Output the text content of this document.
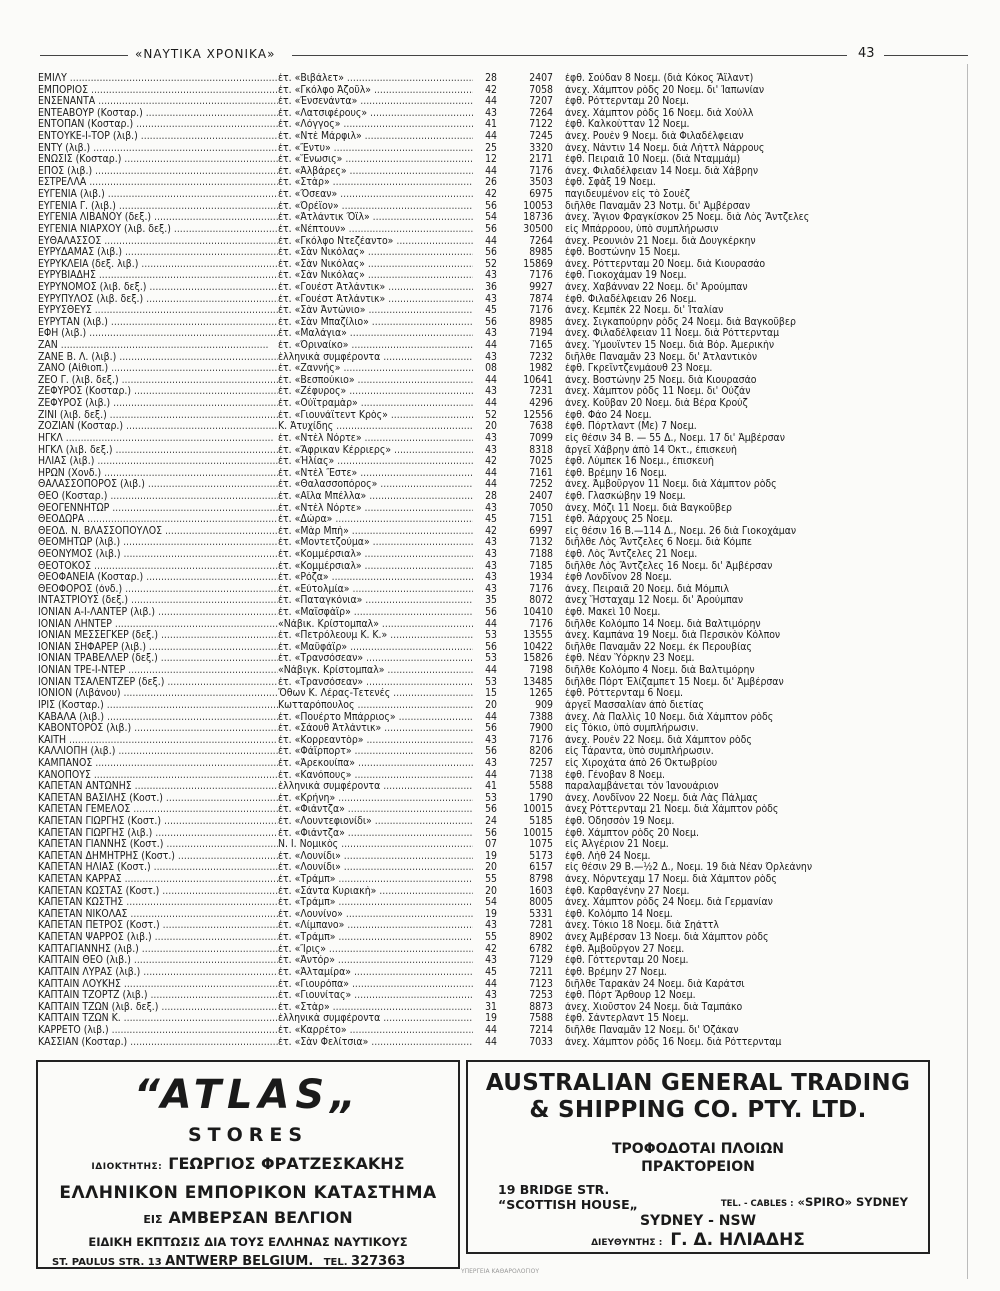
«ΝΑΥΤΙΚΑ ΧΡΟΝΙΚΑ»	43
ΕΜΙΛΥ .....	ἐτ. «Βιβάλετ» .....	28	2407 ἐφθ. Σούδαν 8 Νοεμ. (διὰ Κόκος Ἄϊλαντ)
ΕΜΠΟΡΙΟΣ .....	ἐτ. «Γκόλφο Ἀζοῦλ» .....	42	7058 ἀνεχ. Χάμπτον ρὸδς 20 Νοεμ. δι' Ἰαπωνίαν
ΕΝΣΕΝΑΝΤΑ .....	ἐτ. «Ἐνσενάντα» .....	44	7207 ἐφθ. Ρόττερνταμ 20 Νοεμ.
ΕΝΤΕΑΒΟΥΡ (Κοσταρ.) .....	ἐτ. «Λατσιφέρους» .....	43	7264 ἀνεχ. Χάμπτον ρὸδς 16 Νοεμ. διὰ Χοὐλλ
ΕΝΤΟΠΑΝ (Κοσταρ.) .....	ἐτ. «Λόγγος» .....	41	7122 ἐφθ. Καλκοὺτταν 12 Νοεμ.
ΕΝΤΟΥΚΕ-Ι-ΤΟΡ (λιβ.) .....	ἐτ. «Ντὲ Μάρφιλ» .....	44	7245 ἀνεχ. Ρουὲν 9 Νοεμ. διὰ Φιλαδέλφειαν
ΕΝΤΥ (λιβ.) .....	ἐτ. «Ἔντυ» .....	25	3320 ἀνεχ. Νάντιν 14 Νοεμ. διὰ Λὴττλ Νάρρους
ΕΝΩΣΙΣ (Κοσταρ.) .....	ἐτ. «Ἕνωσις» .....	12	2171 ἐφθ. Πειραιᾶ 10 Νοεμ. (διὰ Νταμμάμ)
ΕΠΟΣ (λιβ.) .....	ἐτ. «Ἀλβάρες» .....	44	7176 ἀνεχ. Φιλαδέλφειαν 14 Νοεμ. διὰ Χάβρην
ΕΣΤΡΕΛΛΑ .....	ἐτ. «Στὰρ» .....	26	3503 ἐφθ. Σφὰξ 19 Νοεμ.
ΕΥΓΕΝΙΑ (λιβ.) .....	ἐτ. «Ὄσεαν» .....	42	6975 παγιδευμένον εἰς τὸ Σουὲζ
ΕΥΓΕΝΙΑ Γ. (λιβ.) .....	ἐτ. «Ὀρέϊον» .....	56	10053 διῆλθε Παναμᾶν 23 Νοτμ. δι' Ἀμβέρσαν
ΕΥΓΕΝΙΑ ΛΙΒΑΝΟΥ (δεξ.) .....	ἐτ. «Ἀτλάντικ Ὄϊλ» .....	54	18736 ἀνεχ. Ἅγιον Φραγκίσκον 25 Νοεμ. διὰ Λὸς Ἄντζελες
ΕΥΓΕΝΙΑ ΝΙΑΡΧΟΥ (λιβ. δεξ.) .....	ἐτ. «Νέπτουν» .....	56	30500 εἰς Μπάρροου, ὑπὸ συμπλήρωσιν
ΕΥΘΑΛΑΣΣΟΣ .....	ἐτ. «Γκόλφο Ντεζέαντο» .....	44	7264 ἀνεχ. Ρεουνιὸν 21 Νοεμ. διὰ Δουγκέρκην
ΕΥΡΥΔΑΜΑΣ (λιβ.) .....	ἐτ. «Σὰν Νικόλας» .....	56	8985 ἐφθ. Βοστώνην 15 Νοεμ.
ΕΥΡΥΚΛΕΙΑ (δεξ. λιβ.) .....	ἐτ. «Σὰν Νικόλας» .....	52	15869 ἀνεχ. Ρόττερνταμ 20 Νοεμ. διὰ Κιουρασάο
ΕΥΡΥΒΙΑΔΗΣ .....	ἐτ. «Σὰν Νικόλας» .....	43	7176 ἐφθ. Γιοκοχάμαν 19 Νοεμ.
ΕΥΡΥΝΟΜΟΣ (λιβ. δεξ.) .....	ἐτ. «Γουέστ Ἀτλάντικ» .....	36	9927 ἀνεχ. Χαβάνναν 22 Νοεμ. δι' Ἀρούμπαν
ΕΥΡΥΠΥΛΟΣ (λιβ. δεξ.) .....	ἐτ. «Γουέστ Ἀτλάντικ» .....	43	7874 ἐφθ. Φιλαδέλφειαν 26 Νοεμ.
ΕΥΡΥΣΘΕΥΣ .....	ἐτ. «Σὰν Ἀντώνιο» .....	45	7176 ἀνεχ. Κεμπὲκ 22 Νοεμ. δι' Ἰταλίαν
ΕΥΡΥΤΑΝ (λιβ.) .....	ἐτ. «Σὰν Μπαζίλιο» .....	56	8985 ἀνεχ. Σιγκαπούρην ρὸδς 24 Νοεμ. διὰ Βαγκοῦβερ
ΕΦΗ (λιβ.) .....	ἐτ. «Μαλάγια» .....	43	7194 ἀνεχ. Φιλαδέλφειαν 11 Νοεμ. διὰ Ρόττερνταμ
ΖΑΝ .....	ἐτ. «Ὀριναίκο» .....	44	7165 ἀνεχ. Ὑμουΐντεν 15 Νοεμ. διὰ Βόρ. Ἀμερικὴν
ΖΑΝΕ Β. Λ. (λιβ.) .....	ἑλληνικὰ συμφέροντα .....	43	7232 διῆλθε Παναμᾶν 23 Νοεμ. δι' Ἀτλαντικὸν
ΖΑΝΟ (Αἰθιοπ.) .....	ἐτ. «Ζαννής» .....	08	1982 ἐφθ. Γκρεϊντζενμάουθ 23 Νοεμ.
ΖΕΟ Γ. (λιβ. δεξ.) .....	ἐτ. «Βεσπούκιο» .....	44	10641 ἀνεχ. Βοστώνην 25 Νοεμ. διὰ Κιουρασάο
ΖΕΦΥΡΟΣ (Κοσταρ.) .....	ἐτ. «Ζέφυρος» .....	43	7231 ἀνεχ. Χάμπτον ρὸδς 11 Νοεμ. δι' Οὐζάν
ΖΕΦΥΡΟΣ (λιβ.) .....	ἐτ. «Οὐϊτραμὰρ» .....	44	4296 ἀνεχ. Κοῦβαν 20 Νοεμ. διὰ Βέρα Κρούζ
ΖΙΝΙ (λιβ. δεξ.) .....	ἐτ. «Γιουνάϊτεντ Κρὸς» .....	52	12556 ἐφθ. Φάο 24 Νοεμ.
ΖΟΖΙΑΝ (Κοσταρ.) .....	Κ. Ἀτυχίδης .....	20	7638 ἐφθ. Πόρτλαντ (Με) 7 Νοεμ.
ΗΓΚΛ .....	ἐτ. «Ντὲλ Νόρτε» .....	43	7099 εἰς θέσιν 34 Β. — 55 Δ., Νοεμ. 17 δι' Ἀμβέρσαν
ΗΓΚΛ (λιβ. δεξ.) .....	ἐτ. «Ἄφρικαν Κέρριερς» .....	43	8318 ἄργεῖ Χάβρην ἀπὸ 14 Ὀκτ., ἐπισκευὴ
ΗΛΙΑΣ (λιβ.) .....	ἐτ. «Ἠλίας» .....	42	7025 ἐφθ. Λύμπεκ 16 Νοεμ., ἐπισκευὴ
ΗΡΩΝ (Χονδ.) .....	ἐτ. «Ντὲλ Ἔστε» .....	44	7161 ἐφθ. Βρέμην 16 Νοεμ.
ΘΑΛΑΣΣΟΠΟΡΟΣ (λιβ.) .....	ἐτ. «Θαλασσοπόρος» .....	44	7252 ἀνεχ. Ἀμβοῦργον 11 Νοεμ. διὰ Χάμπτον ρὸδς
ΘΕΟ (Κοσταρ.) .....	ἐτ. «Αἴλα Μπέλλα» .....	28	2407 ἐφθ. Γλασκώβην 19 Νοεμ.
ΘΕΟΓΕΝΝΗΤΩΡ .....	ἐτ. «Ντὲλ Νόρτε» .....	43	7050 ἀνεχ. Μόζι 11 Νοεμ. διὰ Βαγκοῦβερ
ΘΕΟΔΩΡΑ .....	ἐτ. «Δώρα» .....	45	7151 ἐφθ. Ἀάρχους 25 Νοεμ.
ΘΕΟΔ. Ν. ΒΛΑΣΣΟΠΟΥΛΟΣ .....	ἐτ. «Μὰρ Μπὴ» .....	42	6997 εἰς θέσιν 16 Β.—114 Δ., Νοεμ. 26 διὰ Γιοκοχάμαν
ΘΕΟΜΗΤΩΡ (λιβ.) .....	ἐτ. «Μοντετζούμα» .....	43	7132 διῆλθε Λὸς Ἄντζελες 6 Νοεμ. διὰ Κόμπε
ΘΕΟΝΥΜΟΣ (λιβ.) .....	ἐτ. «Κομμέρσιαλ» .....	43	7188 ἐφθ. Λὸς Ἄντζελες 21 Νοεμ.
ΘΕΟΤΟΚΟΣ .....	ἐτ. «Κομμέρσιαλ» .....	43	7185 διῆλθε Λὸς Ἄντζελες 16 Νοεμ. δι' Ἀμβέρσαν
ΘΕΟΦΑΝΕΙΑ (Κοσταρ.) .....	ἐτ. «Ρόζα» .....	43	1934 ἐφθ Λονδῖνον 28 Νοεμ.
ΘΕΟΦΟΡΟΣ (ὀνδ.) .....	ἐτ. «Εὐτολμία» .....	43	7176 ἀνεχ. Πειραιᾶ 20 Νοεμ. διὰ Μόμπιλ
ΙΝΤΑΣΤΡΙΟΥΣ (δεξ.) .....	ἐτ. «Παταγκόνια» .....	35	8072 ἀνεχ Ἥσταχαμ 12 Νοεμ. δι' Ἀρούμπαν
ΙΟΝΙΑΝ Α-Ι-ΛΑΝΤΕΡ (λιβ.) .....	ἐτ. «Μαϊσφὰϊρ» .....	56	10410 ἐφθ. Μακεὶ 10 Νοεμ.
ΙΟΝΙΑΝ ΛΗΝΤΕΡ .....	«Νάβικ. Κρίστομπαλ» .....	44	7176 διῆλθε Κολόμπο 14 Νοεμ. διὰ Βαλτιμόρην
ΙΟΝΙΑΝ ΜΕΣΣΕΓΚΕΡ (δεξ.) .....	ἐτ. «Πετρόλεουμ Κ. Κ.» .....	53	13555 ἀνεχ. Καμπάνα 19 Νοεμ. διὰ Περσικὸν Κόλπον
ΙΟΝΙΑΝ ΣΗΦΑΡΕΡ (λιβ.) .....	ἐτ. «Μαϋφάϊρ» .....	56	10422 διῆλθε Παναμᾶν 22 Νοεμ. ἐκ Περουβίας
ΙΟΝΙΑΝ ΤΡΑΒΕΛΛΕΡ (δεξ.) .....	ἐτ. «Τρανσόσεαν» .....	53	15826 ἐφθ. Νέαν Ὑόρκην 23 Νοεμ.
ΙΟΝΙΑΝ ΤΡΕ-Ι-ΝΤΕΡ .....	«Νάβιγκ. Κρίστομπαλ» .....	44	7198 διῆλθε Κολόμπο 4 Νοεμ. διὰ Βαλτιμόρην
ΙΟΝΙΑΝ ΤΣΑΛΕΝΤΖΕΡ (δεξ.) .....	ἐτ. «Τρανσόσεαν» .....	53	13485 διῆλθε Πόρτ Ἐλίζαμπετ 15 Νοεμ. δι' Ἀμβέρσαν
ΙΟΝΙΟΝ (Λιβάνου) .....	Ὄθων Κ. Λέρας-Τετενές .....	15	1265 ἐφθ. Ρόττερνταμ 6 Νοεμ.
ΙΡΙΣ (Κοσταρ.) .....	Κωτταρόπουλος .....	20	909 ἀργεῖ Μασσαλίαν ἀπὸ διετίας
ΚΑΒΑΛΑ (λιβ.) .....	ἐτ. «Πουέρτο Μπάρριος» .....	44	7388 ἀνεχ. Λὰ Παλλὶς 10 Νοεμ. διὰ Χάμπτον ρὸδς
ΚΑΒΟΝΤΟΡΟΣ (λιβ.) .....	ἐτ. «Σάουθ Ἀτλάντικ» .....	56	7900 εἰς Τόκιο, ὑπὸ συμπλήρωσιν.
ΚΑΙΤΗ .....	ἐτ. «Κορρεαντὸρ» .....	43	7176 ἀνεχ. Ρουὲν 22 Νοεμ. διὰ Χάμπτον ρὸδς
ΚΑΛΛΙΟΠΗ (λιβ.) .....	ἐτ. «Φάϊρπορτ» .....	56	8206 εἰς Τάραντα, ὑπὸ συμπλήρωσιν.
ΚΑΜΠΑΝΟΣ .....	ἐτ. «Ἀρεκουίπα» .....	43	7257 εἰς Χιροχάτα ἀπὸ 26 Ὀκτωβρίου
ΚΑΝΟΠΟΥΣ .....	ἐτ. «Κανόπους» .....	44	7138 ἐφθ. Γένοβαν 8 Νοεμ.
ΚΑΠΕΤΑΝ ΑΝΤΩΝΗΣ .....	ἑλληνικὰ συμφέροντα .....	41	5588 παραλαμβάνεται τὸν Ἰανουάριον
ΚΑΠΕΤΑΝ ΒΑΣΙΛΗΣ (Κοστ.) .....	ἐτ. «Κρήνη» .....	53	1790 ἀνεχ. Λονδῖνον 22 Νοεμ. διὰ Λὰς Πάλμας
ΚΑΠΕΤΑΝ ΓΕΜΕΛΟΣ .....	ἐτ. «Φιάντζα» .....	56	10015 ἀνεχ Ρόττερνταμ 21 Νοεμ. διὰ Χάμπτον ρὸδς
ΚΑΠΕΤΑΝ ΓΙΩΡΓΗΣ (Κοστ.) .....	ἐτ. «Λουντεφιονίδι» .....	24	5185 ἐφθ. Ὀδησσὸν 19 Νοεμ.
ΚΑΠΕΤΑΝ ΓΙΩΡΓΗΣ (λιβ.) .....	ἐτ. «Φιάντζα» .....	56	10015 ἐφθ. Χάμπτον ρὸδς 20 Νοεμ.
ΚΑΠΕΤΑΝ ΓΙΑΝΝΗΣ (Κοστ.) .....	Ν. Ι. Νομικὸς .....	07	1075 εἰς Ἀλγέριον 21 Νοεμ.
ΚΑΠΕΤΑΝ ΔΗΜΗΤΡΗΣ (Κοστ.) .....	ἐτ. «Λουνίδι» .....	19	5173 ἐφθ. Λὴθ 24 Νοεμ.
ΚΑΠΕΤΑΝ ΗΛΙΑΣ (Κοστ.) .....	ἐτ. «Λουνίδι» .....	20	6157 εἰς θέσιν 29 Β.—½2 Δ., Νοεμ. 19 διὰ Νέαν Ὀρλεάνην
ΚΑΠΕΤΑΝ ΚΑΡΡΑΣ .....	ἐτ. «Τράμπ» .....	55	8798 ἀνεχ. Νόρντεχαμ 17 Νοεμ. διὰ Χάμπτον ρὸδς
ΚΑΠΕΤΑΝ ΚΩΣΤΑΣ (Κοστ.) .....	ἐτ. «Σάντα Κυριακὴ» .....	20	1603 ἐφθ. Καρθαγένην 27 Νοεμ.
ΚΑΠΕΤΑΝ ΚΩΣΤΗΣ .....	ἐτ. «Τράμπ» .....	54	8005 ἀνεχ. Χάμπτον ρὸδς 24 Νοεμ. διὰ Γερμανίαν
ΚΑΠΕΤΑΝ ΝΙΚΟΛΑΣ .....	ἐτ. «Λουνίνο» .....	19	5331 ἐφθ. Κολόμπο 14 Νοεμ.
ΚΑΠΕΤΑΝ ΠΕΤΡΟΣ (Κοστ.) .....	ἐτ. «Λίμπανο» .....	43	7281 ἀνεχ. Τόκιο 18 Νοεμ. διὰ Σηάττλ
ΚΑΠΕΤΑΝ ΨΑΡΡΟΣ (λιβ.) .....	ἐτ. «Τράμπ» .....	55	8902 ἀνεχ Ἀμβέρσαν 13 Νοεμ. διὰ Χάμπτον ρὸδς
ΚΑΠΤΑΓΙΑΝΝΗΣ (λιβ.) .....	ἐτ. «Ἴρις» .....	42	6782 ἐφθ. Ἀμβοῦργον 27 Νοεμ.
ΚΑΠΤΑΙΝ ΘΕΟ (λιβ.) .....	ἐτ. «Ἀντόρ» .....	43	7129 ἐφθ. Γόττερνταμ 20 Νοεμ.
ΚΑΠΤΑΙΝ ΛΥΡΑΣ (λιβ.) .....	ἐτ. «Ἀλταμίρα» .....	45	7211 ἐφθ. Βρέμην 27 Νοεμ.
ΚΑΠΤΑΙΝ ΛΟΥΚΗΣ .....	ἐτ. «Γιουρόπα» .....	44	7123 διῆλθε Ταρακὰν 24 Νοεμ. διὰ Καράτσι
ΚΑΠΤΑΙΝ ΤΖΟΡΤΖ (λιβ.) .....	ἐτ. «Γιουνίτας» .....	43	7253 ἐφθ. Πόρτ Ἄρθουρ 12 Νοεμ.
ΚΑΠΤΑΙΝ ΤΖΩΝ (λιβ. δεξ.) .....	ἐτ. «Στὰρ» .....	31	8873 ἀνεχ. Χιοῦστον 24 Νοεμ. διὰ Ταμπάκο
ΚΑΠΤΑΙΝ ΤΖΩΝ Κ. .....	ἑλληνικὰ συμφέροντα .....	19	7588 ἐφθ. Σάντερλαντ 15 Νοεμ.
ΚΑΡΡΕΤΟ (λιβ.) .....	ἐτ. «Καρρέτο» .....	44	7214 διῆλθε Παναμᾶν 12 Νοεμ. δι' Ὀζάκαν
ΚΑΣΣΙΑΝ (Κοσταρ.) .....	ἐτ. «Σὰν Φελίτσια» .....	44	7033 ἀνεχ. Χάμπτον ρὸδς 16 Νοεμ. διὰ Ρόττερνταμ
“ATLAS„
STORES
ΙΔΙΟΚΤΗΤΗΣ: ΓΕΩΡΓΙΟΣ ΦΡΑΤΖΕΣΚΑΚΗΣ
ΕΛΛΗΝΙΚΟΝ ΕΜΠΟΡΙΚΟΝ ΚΑΤΑΣΤΗΜΑ
ΕΙΣ ΑΜΒΕΡΣΑΝ ΒΕΛΓΙΟΝ
ΕΙΔΙΚΗ ΕΚΠΤΩΣΙΣ ΔΙΑ ΤΟΥΣ ΕΛΛΗΝΑΣ ΝΑΥΤΙΚΟΥΣ
ST. PAULUS STR. 13 ANTWERP BELGIUM. TEL. 327363
AUSTRALIAN GENERAL TRADING
& SHIPPING CO. PTY. LTD.
ΤΡΟΦΟΔΟΤΑΙ ΠΛΟΙΩΝ
ΠΡΑΚΤΟΡΕΙΟΝ
19 BRIDGE STR.
“SCOTTISH HOUSE„	TEL. - CABLES : «SPIRO» SYDNEY
SYDNEY - NSW
ΔΙΕΥΘΥΝΤΗΣ : Γ. Δ. ΗΛΙΑΔΗΣ
ΥΠΕΡΓΕΙΑ ΚΑΘΑΡΟΛΟΓΙΟΥ
